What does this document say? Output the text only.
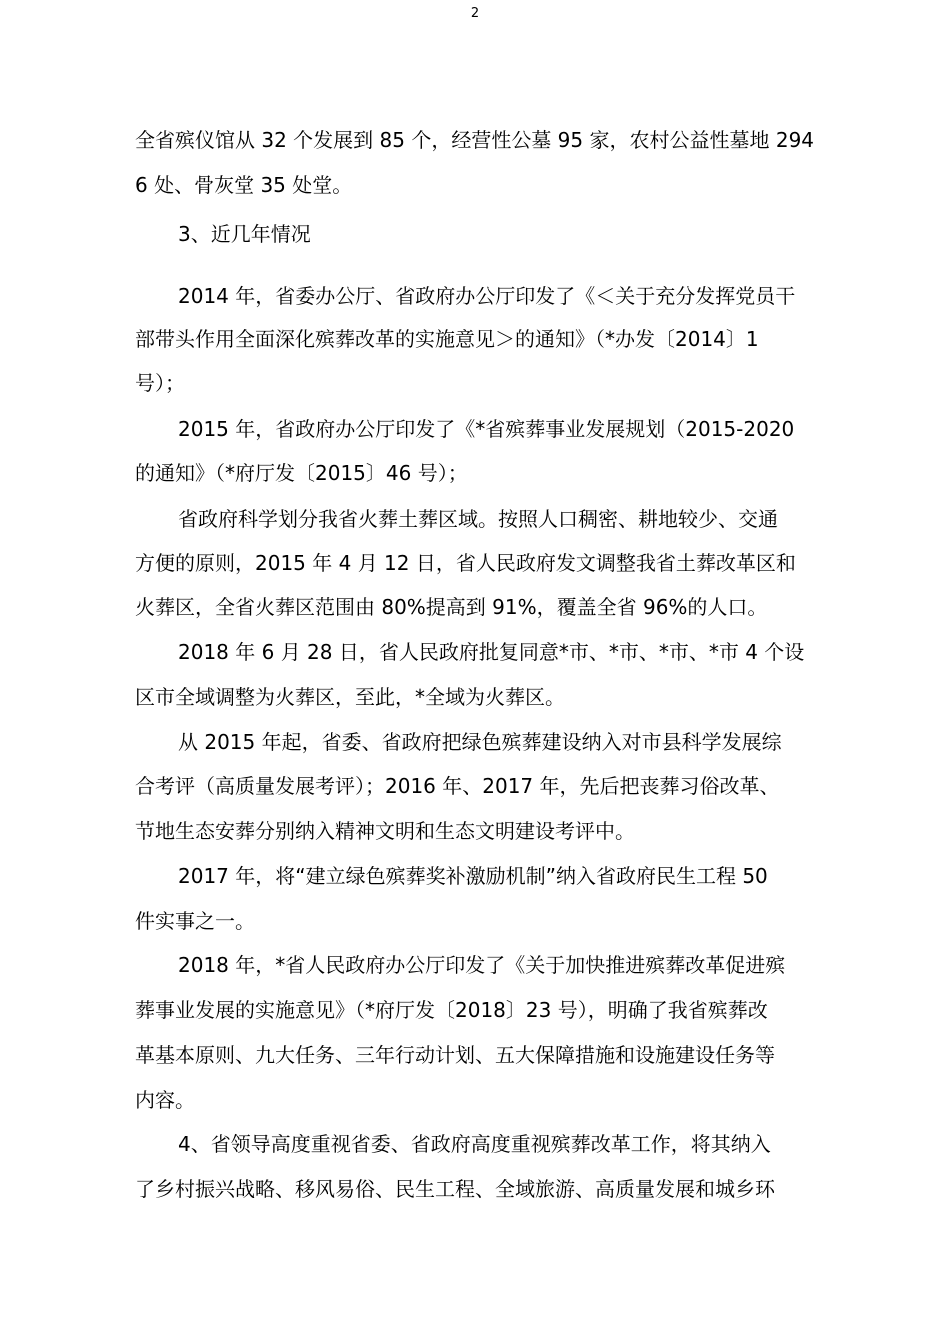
2
全省殡仪馆从 32 个发展到 85 个，经营性公墓 95 家，农村公益性墓地 294
6 处、骨灰堂 35 处堂。
3、近几年情况
2014 年，省委办公厅、省政府办公厅印发了《＜关于充分发挥党员干
部带头作用全面深化殡葬改革的实施意见＞的通知》（*办发〔2014〕1
号）；
2015 年，省政府办公厅印发了《*省殡葬事业发展规划（2015-2020
的通知》（*府厅发〔2015〕46 号）；
省政府科学划分我省火葬土葬区域。按照人口稠密、耕地较少、交通
方便的原则，2015 年 4 月 12 日，省人民政府发文调整我省土葬改革区和
火葬区，全省火葬区范围由 80%提高到 91%，覆盖全省 96%的人口。
2018 年 6 月 28 日，省人民政府批复同意*市、*市、*市、*市 4 个设
区市全域调整为火葬区，至此，*全域为火葬区。
从 2015 年起，省委、省政府把绿色殡葬建设纳入对市县科学发展综
合考评（高质量发展考评）；2016 年、2017 年，先后把丧葬习俗改革、
节地生态安葬分别纳入精神文明和生态文明建设考评中。
2017 年，将“建立绿色殡葬奖补激励机制”纳入省政府民生工程 50
件实事之一。
2018 年，*省人民政府办公厅印发了《关于加快推进殡葬改革促进殡
葬事业发展的实施意见》（*府厅发〔2018〕23 号），明确了我省殡葬改
革基本原则、九大任务、三年行动计划、五大保障措施和设施建设任务等
内容。
4、省领导高度重视省委、省政府高度重视殡葬改革工作，将其纳入
了乡村振兴战略、移风易俗、民生工程、全域旅游、高质量发展和城乡环
